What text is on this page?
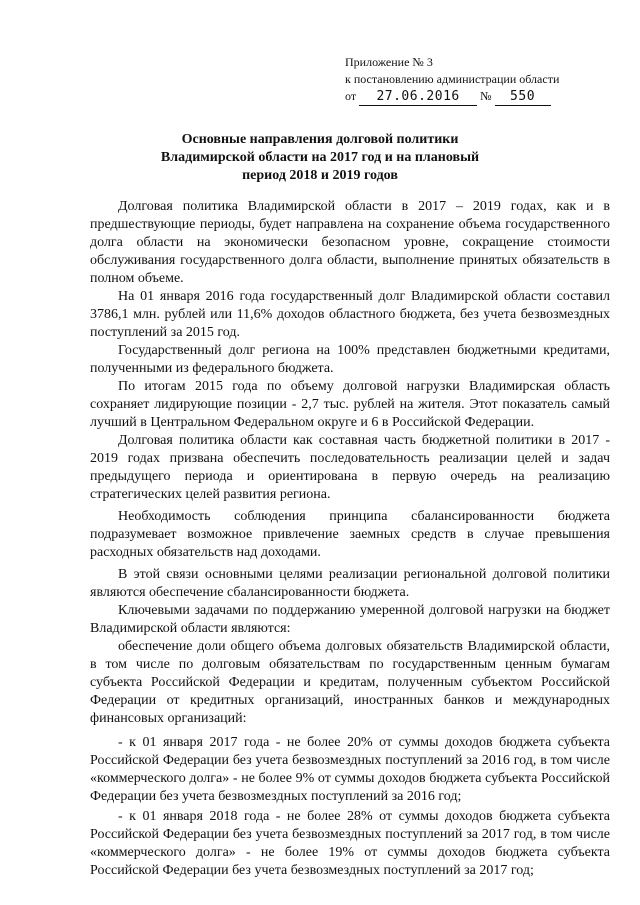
Приложение № 3
к постановлению администрации области
от 27.06.2016 № 550
Основные направления долговой политики
Владимирской области на 2017 год и на плановый
период 2018 и 2019 годов

Долговая политика Владимирской области в 2017 – 2019 годах, как и в предшествующие периоды, будет направлена на сохранение объема государственного долга области на экономически безопасном уровне, сокращение стоимости обслуживания государственного долга области, выполнение принятых обязательств в полном объеме.

На 01 января 2016 года государственный долг Владимирской области составил 3786,1 млн. рублей или 11,6% доходов областного бюджета, без учета безвозмездных поступлений за 2015 год.

Государственный долг региона на 100% представлен бюджетными кредитами, полученными из федерального бюджета.

По итогам 2015 года по объему долговой нагрузки Владимирская область сохраняет лидирующие позиции - 2,7 тыс. рублей на жителя. Этот показатель самый лучший в Центральном Федеральном округе и 6 в Российской Федерации.

Долговая политика области как составная часть бюджетной политики в 2017 - 2019 годах призвана обеспечить последовательность реализации целей и задач предыдущего периода и ориентирована в первую очередь на реализацию стратегических целей развития региона.

Необходимость соблюдения принципа сбалансированности бюджета подразумевает возможное привлечение заемных средств в случае превышения расходных обязательств над доходами.

В этой связи основными целями реализации региональной долговой политики являются обеспечение сбалансированности бюджета.

Ключевыми задачами по поддержанию умеренной долговой нагрузки на бюджет Владимирской области являются:

обеспечение доли общего объема долговых обязательств Владимирской области, в том числе по долговым обязательствам по государственным ценным бумагам субъекта Российской Федерации и кредитам, полученным субъектом Российской Федерации от кредитных организаций, иностранных банков и международных финансовых организаций:

- к 01 января 2017 года - не более 20% от суммы доходов бюджета субъекта Российской Федерации без учета безвозмездных поступлений за 2016 год, в том числе «коммерческого долга» - не более 9% от суммы доходов бюджета субъекта Российской Федерации без учета безвозмездных поступлений за 2016 год;

- к 01 января 2018 года - не более 28% от суммы доходов бюджета субъекта Российской Федерации без учета безвозмездных поступлений за 2017 год, в том числе «коммерческого долга» - не более 19% от суммы доходов бюджета субъекта Российской Федерации без учета безвозмездных поступлений за 2017 год;
